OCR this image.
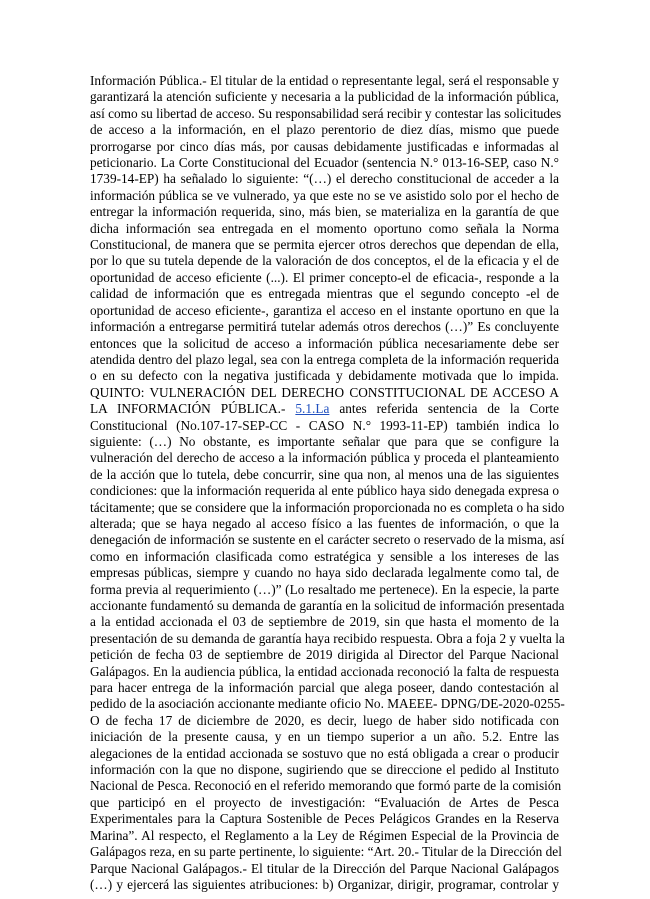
Información Pública.- El titular de la entidad o representante legal, será el responsable y
garantizará la atención suficiente y necesaria a la publicidad de la información pública,
así como su libertad de acceso. Su responsabilidad será recibir y contestar las solicitudes
de acceso a la información, en el plazo perentorio de diez días, mismo que puede
prorrogarse por cinco días más, por causas debidamente justificadas e informadas al
peticionario. La Corte Constitucional del Ecuador (sentencia N.° 013-16-SEP, caso N.°
1739-14-EP) ha señalado lo siguiente: “(…) el derecho constitucional de acceder a la
información pública se ve vulnerado, ya que este no se ve asistido solo por el hecho de
entregar la información requerida, sino, más bien, se materializa en la garantía de que
dicha información sea entregada en el momento oportuno como señala la Norma
Constitucional, de manera que se permita ejercer otros derechos que dependan de ella,
por lo que su tutela depende de la valoración de dos conceptos, el de la eficacia y el de
oportunidad de acceso eficiente (...). El primer concepto-el de eficacia-, responde a la
calidad de información que es entregada mientras que el segundo concepto -el de
oportunidad de acceso eficiente-, garantiza el acceso en el instante oportuno en que la
información a entregarse permitirá tutelar además otros derechos (…)” Es concluyente
entonces que la solicitud de acceso a información pública necesariamente debe ser
atendida dentro del plazo legal, sea con la entrega completa de la información requerida
o en su defecto con la negativa justificada y debidamente motivada que lo impida.
QUINTO: VULNERACIÓN DEL DERECHO CONSTITUCIONAL DE ACCESO A
LA INFORMACIÓN PÚBLICA.- 5.1.La antes referida sentencia de la Corte
Constitucional (No.107-17-SEP-CC - CASO N.° 1993-11-EP) también indica lo
siguiente: (…) No obstante, es importante señalar que para que se configure la
vulneración del derecho de acceso a la información pública y proceda el planteamiento
de la acción que lo tutela, debe concurrir, sine qua non, al menos una de las siguientes
condiciones: que la información requerida al ente público haya sido denegada expresa o
tácitamente; que se considere que la información proporcionada no es completa o ha sido
alterada; que se haya negado al acceso físico a las fuentes de información, o que la
denegación de información se sustente en el carácter secreto o reservado de la misma, así
como en información clasificada como estratégica y sensible a los intereses de las
empresas públicas, siempre y cuando no haya sido declarada legalmente como tal, de
forma previa al requerimiento (…)” (Lo resaltado me pertenece). En la especie, la parte
accionante fundamentó su demanda de garantía en la solicitud de información presentada
a la entidad accionada el 03 de septiembre de 2019, sin que hasta el momento de la
presentación de su demanda de garantía haya recibido respuesta. Obra a foja 2 y vuelta la
petición de fecha 03 de septiembre de 2019 dirigida al Director del Parque Nacional
Galápagos. En la audiencia pública, la entidad accionada reconoció la falta de respuesta
para hacer entrega de la información parcial que alega poseer, dando contestación al
pedido de la asociación accionante mediante oficio No. MAEEE- DPNG/DE-2020-0255-
O de fecha 17 de diciembre de 2020, es decir, luego de haber sido notificada con
iniciación de la presente causa, y en un tiempo superior a un año. 5.2. Entre las
alegaciones de la entidad accionada se sostuvo que no está obligada a crear o producir
información con la que no dispone, sugiriendo que se direccione el pedido al Instituto
Nacional de Pesca. Reconoció en el referido memorando que formó parte de la comisión
que participó en el proyecto de investigación: “Evaluación de Artes de Pesca
Experimentales para la Captura Sostenible de Peces Pelágicos Grandes en la Reserva
Marina”. Al respecto, el Reglamento a la Ley de Régimen Especial de la Provincia de
Galápagos reza, en su parte pertinente, lo siguiente: “Art. 20.- Titular de la Dirección del
Parque Nacional Galápagos.- El titular de la Dirección del Parque Nacional Galápagos
(…) y ejercerá las siguientes atribuciones: b) Organizar, dirigir, programar, controlar y
